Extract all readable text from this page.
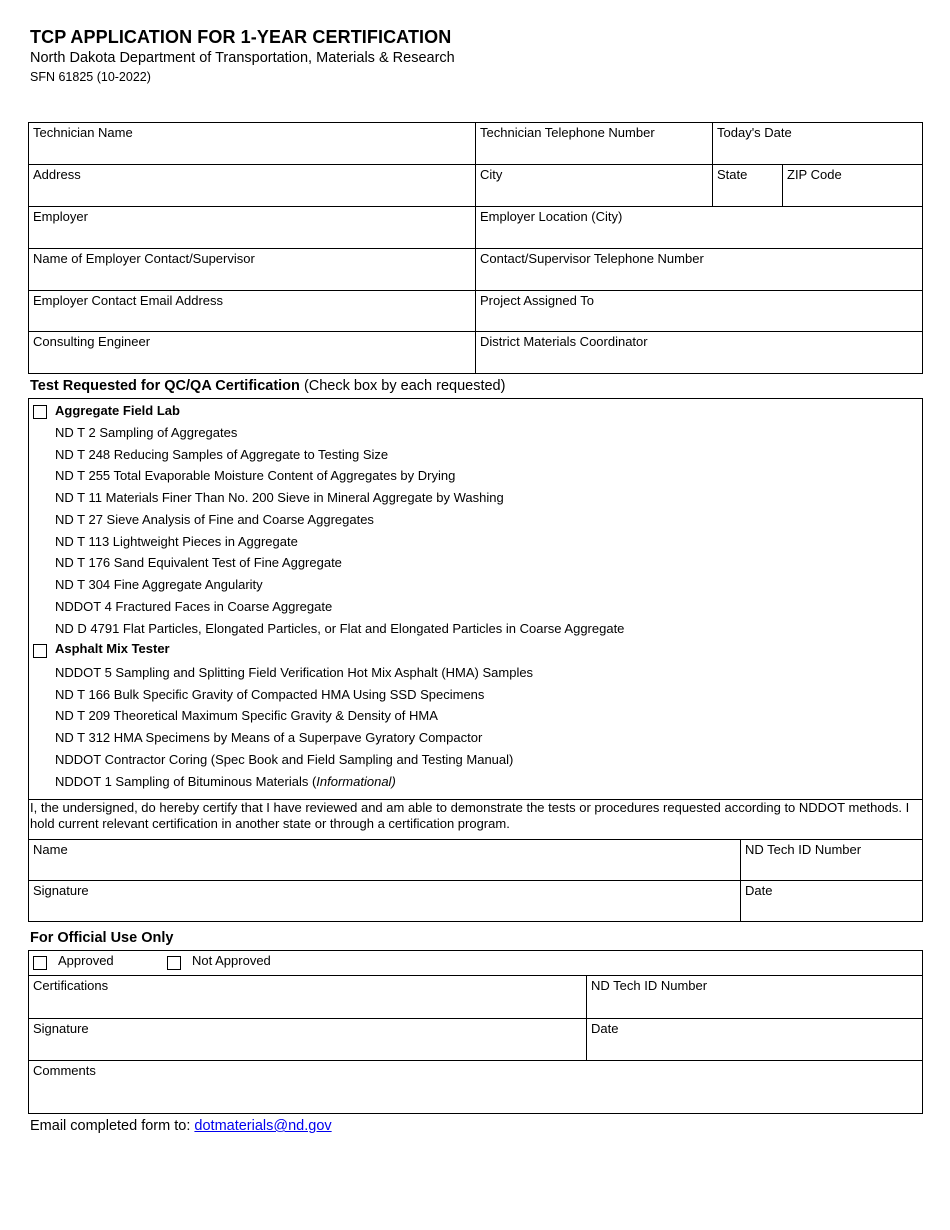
TCP APPLICATION FOR 1-YEAR CERTIFICATION
North Dakota Department of Transportation, Materials & Research
SFN 61825 (10-2022)
Technician Name	Technician Telephone Number	Today's Date
Address	City	State	ZIP Code
Employer	Employer Location (City)
Name of Employer Contact/Supervisor	Contact/Supervisor Telephone Number
Employer Contact Email Address	Project Assigned To
Consulting Engineer	District Materials Coordinator
Test Requested for QC/QA Certification (Check box by each requested)
Aggregate Field Lab
ND T 2 Sampling of Aggregates
ND T 248 Reducing Samples of Aggregate to Testing Size
ND T 255 Total Evaporable Moisture Content of Aggregates by Drying
ND T 11 Materials Finer Than No. 200 Sieve in Mineral Aggregate by Washing
ND T 27 Sieve Analysis of Fine and Coarse Aggregates
ND T 113 Lightweight Pieces in Aggregate
ND T 176 Sand Equivalent Test of Fine Aggregate
ND T 304 Fine Aggregate Angularity
NDDOT 4 Fractured Faces in Coarse Aggregate
ND D 4791 Flat Particles, Elongated Particles, or Flat and Elongated Particles in Coarse Aggregate
Asphalt Mix Tester
NDDOT 5 Sampling and Splitting Field Verification Hot Mix Asphalt (HMA) Samples
ND T 166 Bulk Specific Gravity of Compacted HMA Using SSD Specimens
ND T 209 Theoretical Maximum Specific Gravity & Density of HMA
ND T 312 HMA Specimens by Means of a Superpave Gyratory Compactor
NDDOT Contractor Coring (Spec Book and Field Sampling and Testing Manual)
NDDOT 1 Sampling of Bituminous Materials (Informational)
I, the undersigned, do hereby certify that I have reviewed and am able to demonstrate the tests or procedures requested according to NDDOT methods. I hold current relevant certification in another state or through a certification program.
Name	ND Tech ID Number
Signature	Date
For Official Use Only
Approved	Not Approved
Certifications	ND Tech ID Number
Signature	Date
Comments
Email completed form to: dotmaterials@nd.gov
